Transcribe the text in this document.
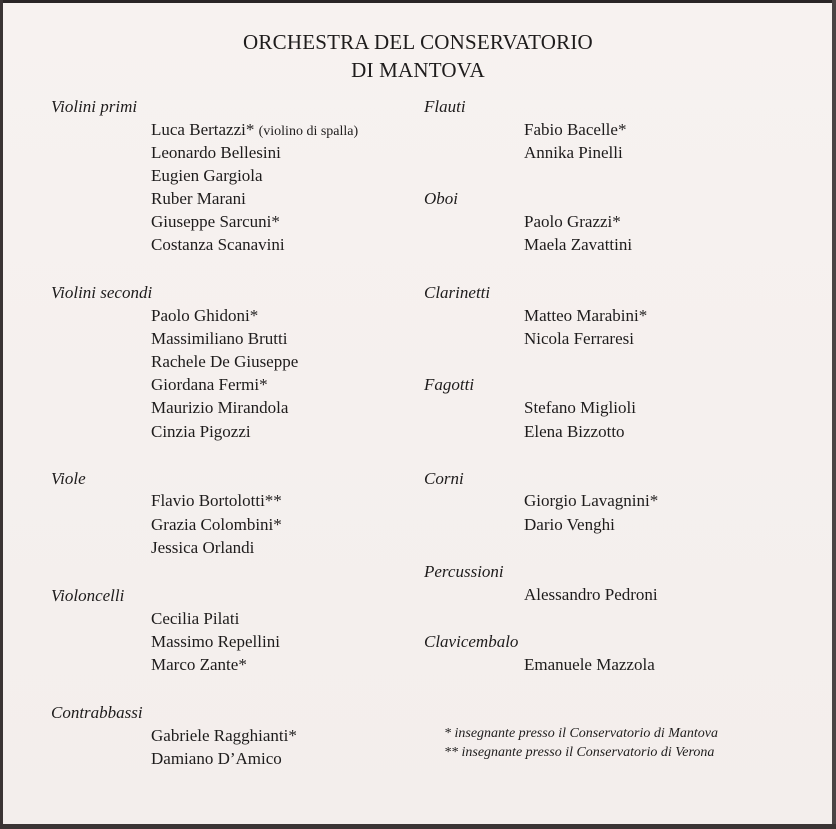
ORCHESTRA DEL CONSERVATORIO
DI MANTOVA
Violini primi
Luca Bertazzi* (violino di spalla)
Leonardo Bellesini
Eugien Gargiola
Ruber Marani
Giuseppe Sarcuni*
Costanza Scanavini
Violini secondi
Paolo Ghidoni*
Massimiliano Brutti
Rachele De Giuseppe
Giordana Fermi*
Maurizio Mirandola
Cinzia Pigozzi
Viole
Flavio Bortolotti**
Grazia Colombini*
Jessica Orlandi
Violoncelli
Cecilia Pilati
Massimo Repellini
Marco Zante*
Contrabbassi
Gabriele Ragghianti*
Damiano D’Amico
Flauti
Fabio Bacelle*
Annika Pinelli
Oboi
Paolo Grazzi*
Maela Zavattini
Clarinetti
Matteo Marabini*
Nicola Ferraresi
Fagotti
Stefano Miglioli
Elena Bizzotto
Corni
Giorgio Lavagnini*
Dario Venghi
Percussioni
Alessandro Pedroni
Clavicembalo
Emanuele Mazzola
* insegnante presso il Conservatorio di Mantova
** insegnante presso il Conservatorio di Verona
